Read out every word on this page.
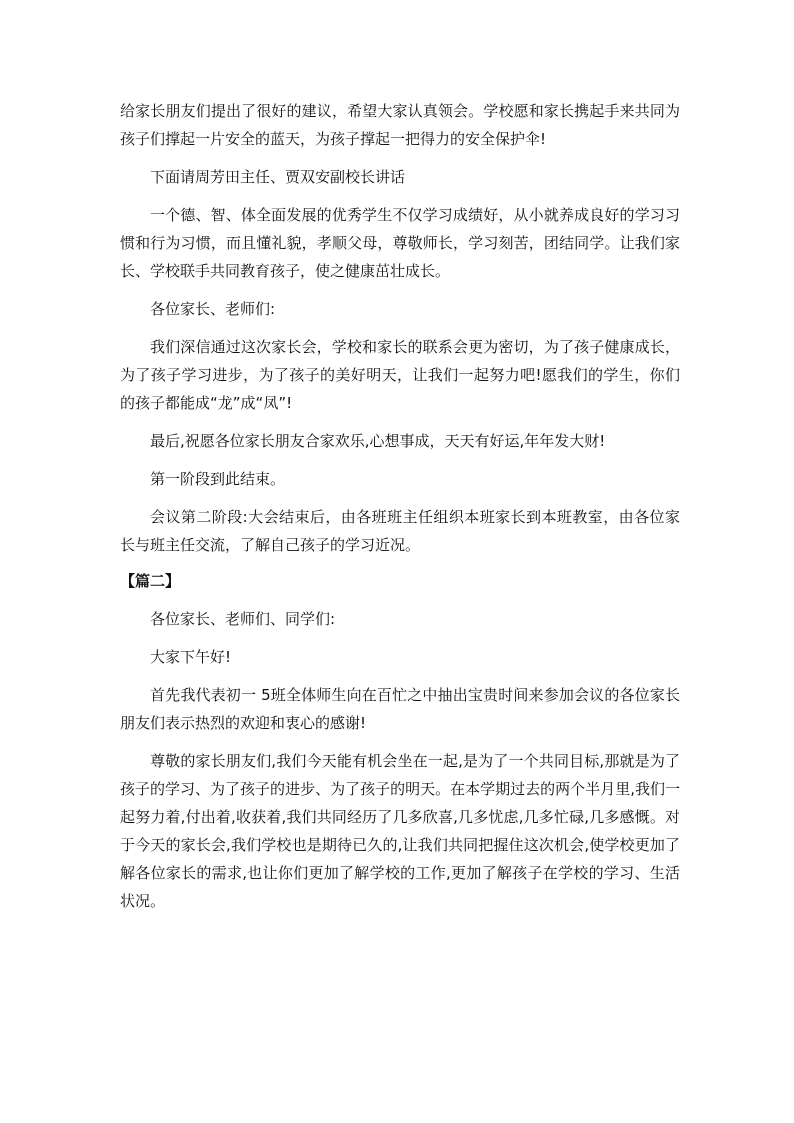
给家长朋友们提出了很好的建议，希望大家认真领会。学校愿和家长携起手来共同为孩子们撑起一片安全的蓝天，为孩子撑起一把得力的安全保护伞!

下面请周芳田主任、贾双安副校长讲话

一个德、智、体全面发展的优秀学生不仅学习成绩好，从小就养成良好的学习习惯和行为习惯，而且懂礼貌，孝顺父母，尊敬师长，学习刻苦，团结同学。让我们家长、学校联手共同教育孩子，使之健康茁壮成长。

各位家长、老师们:

我们深信通过这次家长会，学校和家长的联系会更为密切，为了孩子健康成长，为了孩子学习进步，为了孩子的美好明天，让我们一起努力吧!愿我们的学生，你们的孩子都能成“龙”成“凤”!

最后,祝愿各位家长朋友合家欢乐,心想事成，天天有好运,年年发大财!

第一阶段到此结束。

会议第二阶段:大会结束后，由各班班主任组织本班家长到本班教室，由各位家长与班主任交流，了解自己孩子的学习近况。

【篇二】

各位家长、老师们、同学们:

大家下午好!

首先我代表初一 5班全体师生向在百忙之中抽出宝贵时间来参加会议的各位家长朋友们表示热烈的欢迎和衷心的感谢!

尊敬的家长朋友们,我们今天能有机会坐在一起,是为了一个共同目标,那就是为了孩子的学习、为了孩子的进步、为了孩子的明天。在本学期过去的两个半月里,我们一起努力着,付出着,收获着,我们共同经历了几多欣喜,几多忧虑,几多忙碌,几多感慨。对于今天的家长会,我们学校也是期待已久的,让我们共同把握住这次机会,使学校更加了解各位家长的需求,也让你们更加了解学校的工作,更加了解孩子在学校的学习、生活状况。
